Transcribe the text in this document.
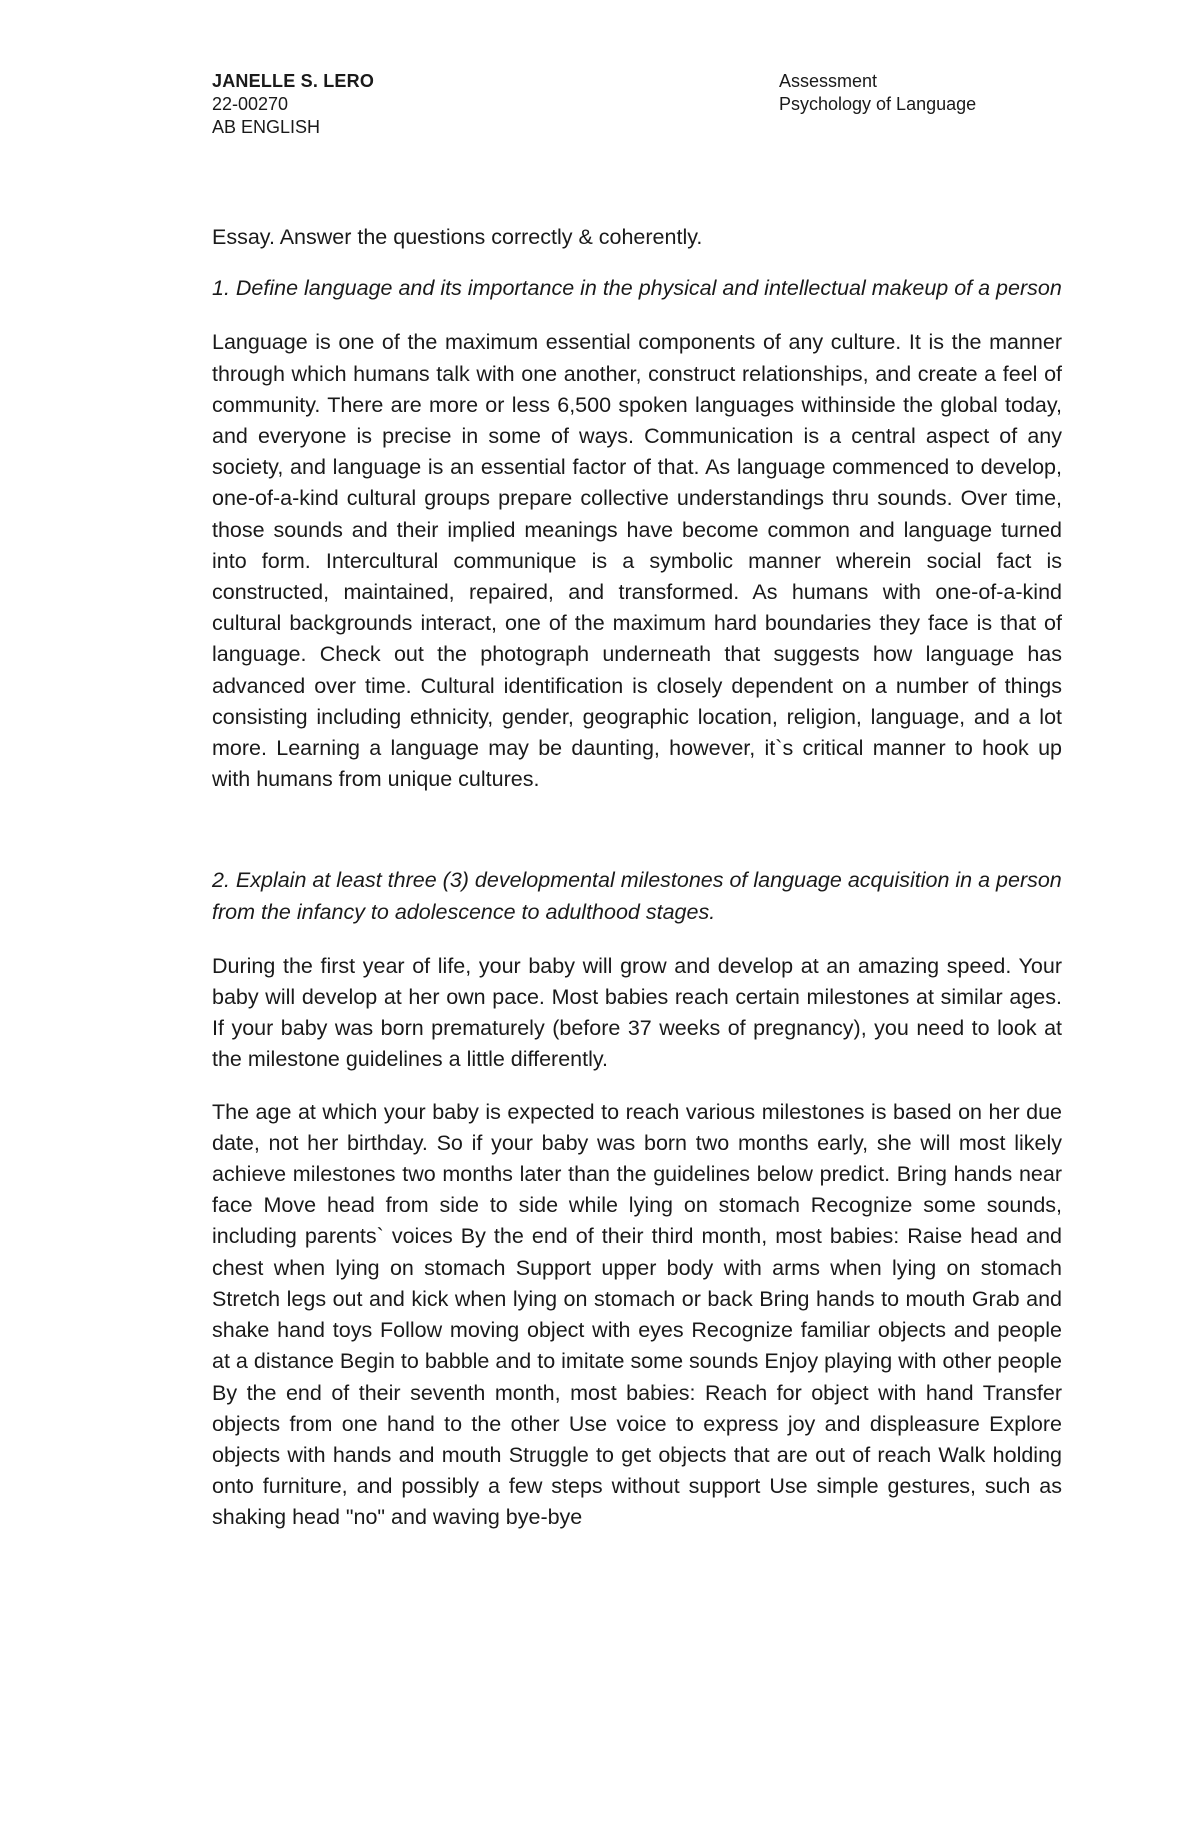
JANELLE S. LERO
22-00270
AB ENGLISH
Assessment
Psychology of Language

Essay. Answer the questions correctly & coherently.

1. Define language and its importance in the physical and intellectual makeup of a person

Language is one of the maximum essential components of any culture. It is the manner through which humans talk with one another, construct relationships, and create a feel of community. There are more or less 6,500 spoken languages withinside the global today, and everyone is precise in some of ways. Communication is a central aspect of any society, and language is an essential factor of that. As language commenced to develop, one-of-a-kind cultural groups prepare collective understandings thru sounds. Over time, those sounds and their implied meanings have become common and language turned into form. Intercultural communique is a symbolic manner wherein social fact is constructed, maintained, repaired, and transformed. As humans with one-of-a-kind cultural backgrounds interact, one of the maximum hard boundaries they face is that of language. Check out the photograph underneath that suggests how language has advanced over time. Cultural identification is closely dependent on a number of things consisting including ethnicity, gender, geographic location, religion, language, and a lot more. Learning a language may be daunting, however, it`s critical manner to hook up with humans from unique cultures.

2. Explain at least three (3) developmental milestones of language acquisition in a person from the infancy to adolescence to adulthood stages.

During the first year of life, your baby will grow and develop at an amazing speed. Your baby will develop at her own pace. Most babies reach certain milestones at similar ages. If your baby was born prematurely (before 37 weeks of pregnancy), you need to look at the milestone guidelines a little differently.

The age at which your baby is expected to reach various milestones is based on her due date, not her birthday. So if your baby was born two months early, she will most likely achieve milestones two months later than the guidelines below predict. Bring hands near face Move head from side to side while lying on stomach Recognize some sounds, including parents` voices By the end of their third month, most babies: Raise head and chest when lying on stomach Support upper body with arms when lying on stomach Stretch legs out and kick when lying on stomach or back Bring hands to mouth Grab and shake hand toys Follow moving object with eyes Recognize familiar objects and people at a distance Begin to babble and to imitate some sounds Enjoy playing with other people By the end of their seventh month, most babies: Reach for object with hand Transfer objects from one hand to the other Use voice to express joy and displeasure Explore objects with hands and mouth Struggle to get objects that are out of reach Walk holding onto furniture, and possibly a few steps without support Use simple gestures, such as shaking head "no" and waving bye-bye
